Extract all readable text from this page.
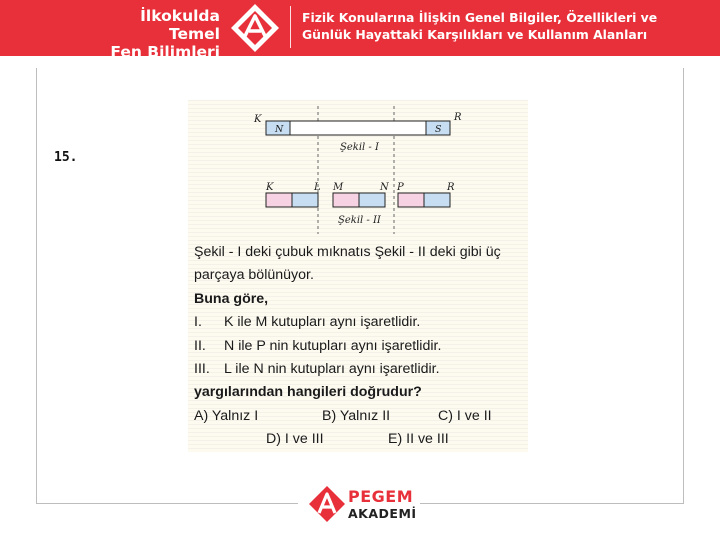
İlkokulda Temel
Fen Bilimleri
Fizik Konularına İlişkin Genel Bilgiler, Özellikleri ve
Günlük Hayattaki Karşılıkları ve Kullanım Alanları
15.
K	R
N	S
Şekil - I
K	L M	N P	R
Şekil - II
Şekil - I deki çubuk mıknatıs Şekil - II deki gibi üç
parçaya bölünüyor.
Buna göre,
I.	K ile M kutupları aynı işaretlidir.
II.	N ile P nin kutupları aynı işaretlidir.
III.	L ile N nin kutupları aynı işaretlidir.
yargılarından hangileri doğrudur?
A) Yalnız I	B) Yalnız II	C) I ve II
D) I ve III	E) II ve III
PEGEM
AKADEMİ
